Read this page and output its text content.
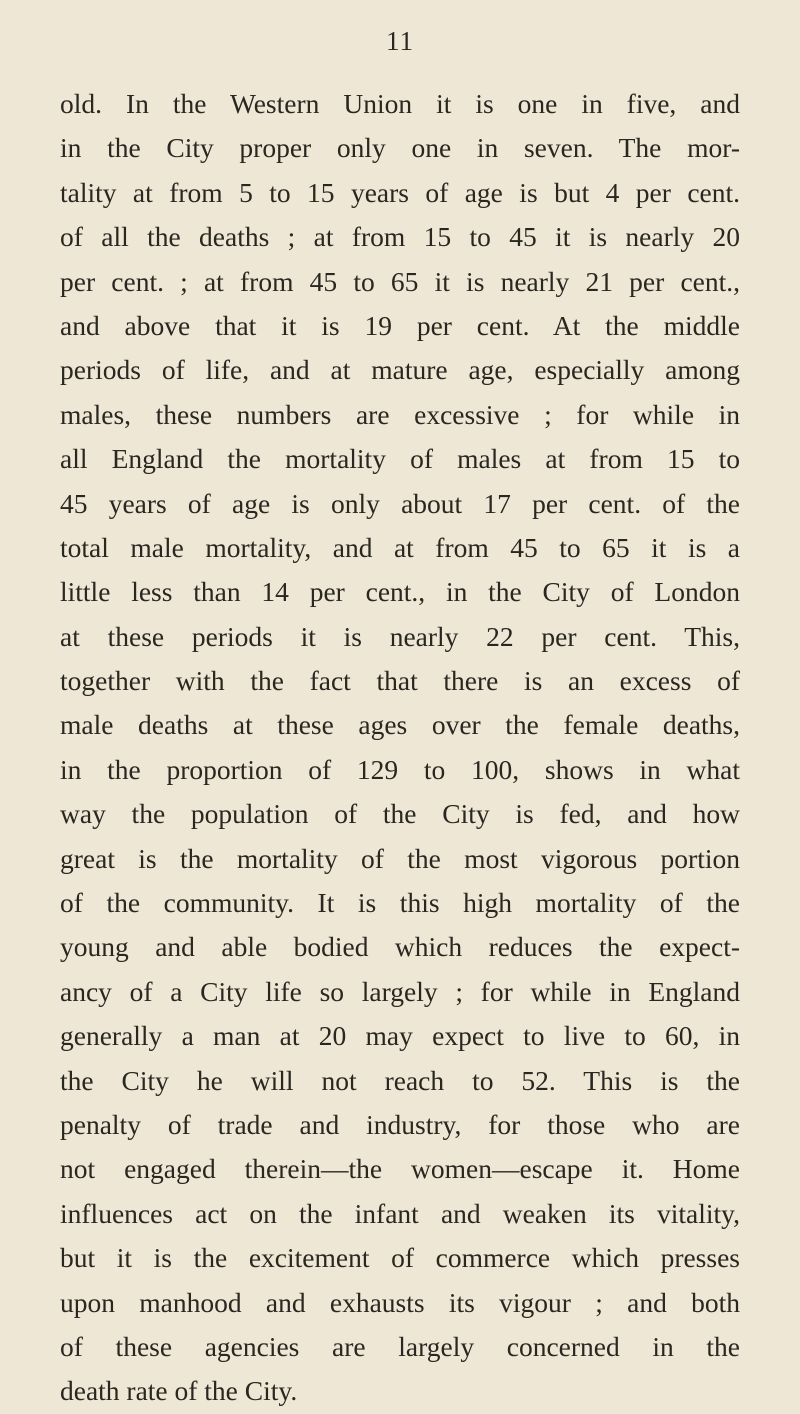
11
old. In the Western Union it is one in five, and
in the City proper only one in seven. The mor-
tality at from 5 to 15 years of age is but 4 per cent.
of all the deaths ; at from 15 to 45 it is nearly 20
per cent. ; at from 45 to 65 it is nearly 21 per cent.,
and above that it is 19 per cent. At the middle
periods of life, and at mature age, especially among
males, these numbers are excessive ; for while in
all England the mortality of males at from 15 to
45 years of age is only about 17 per cent. of the
total male mortality, and at from 45 to 65 it is a
little less than 14 per cent., in the City of London
at these periods it is nearly 22 per cent. This,
together with the fact that there is an excess of
male deaths at these ages over the female deaths,
in the proportion of 129 to 100, shows in what
way the population of the City is fed, and how
great is the mortality of the most vigorous portion
of the community. It is this high mortality of the
young and able bodied which reduces the expect-
ancy of a City life so largely ; for while in England
generally a man at 20 may expect to live to 60, in
the City he will not reach to 52. This is the
penalty of trade and industry, for those who are
not engaged therein—the women—escape it. Home
influences act on the infant and weaken its vitality,
but it is the excitement of commerce which presses
upon manhood and exhausts its vigour ; and both
of these agencies are largely concerned in the
death rate of the City.
